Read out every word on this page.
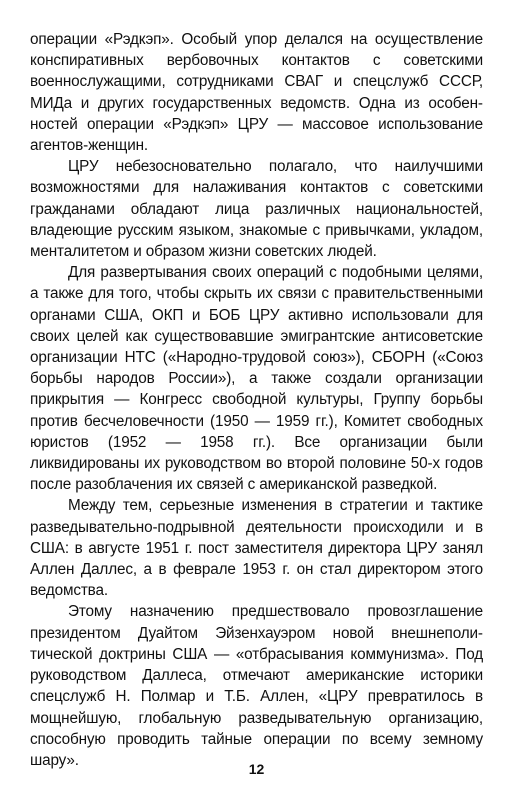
операции «Рэдкэп». Особый упор делался на осуществление конспиративных вербовочных контактов с советскими военнослужащими, сотрудниками СВАГ и спецслужб СССР, МИДа и других государственных ведомств. Одна из особенностей операции «Рэдкэп» ЦРУ — массовое использование агентов-женщин.

ЦРУ небезосновательно полагало, что наилучшими возможностями для налаживания контактов с советскими гражданами обладают лица различных национальностей, владеющие русским языком, знакомые с привычками, укладом, менталитетом и образом жизни советских людей.

Для развертывания своих операций с подобными целями, а также для того, чтобы скрыть их связи с правительственными органами США, ОКП и БОБ ЦРУ активно использовали для своих целей как существовавшие эмигрантские антисоветские организации НТС («Народно-трудовой союз»), СБОРН («Союз борьбы народов России»), а также создали организации прикрытия — Конгресс свободной культуры, Группу борьбы против бесчеловечности (1950 — 1959 гг.), Комитет свободных юристов (1952 — 1958 гг.). Все организации были ликвидированы их руководством во второй половине 50-х годов после разоблачения их связей с американской разведкой.

Между тем, серьезные изменения в стратегии и тактике разведывательно-подрывной деятельности происходили и в США: в августе 1951 г. пост заместителя директора ЦРУ занял Аллен Даллес, а в феврале 1953 г. он стал директором этого ведомства.

Этому назначению предшествовало провозглашение президентом Дуайтом Эйзенхауэром новой внешнеполитической доктрины США — «отбрасывания коммунизма». Под руководством Даллеса, отмечают американские истoрики спецслужб Н. Полмар и Т.Б. Аллен, «ЦРУ превратилось в мощнейшую, глобальную разведывательную организацию, способную проводить тайные операции по всему земному шару».

12
